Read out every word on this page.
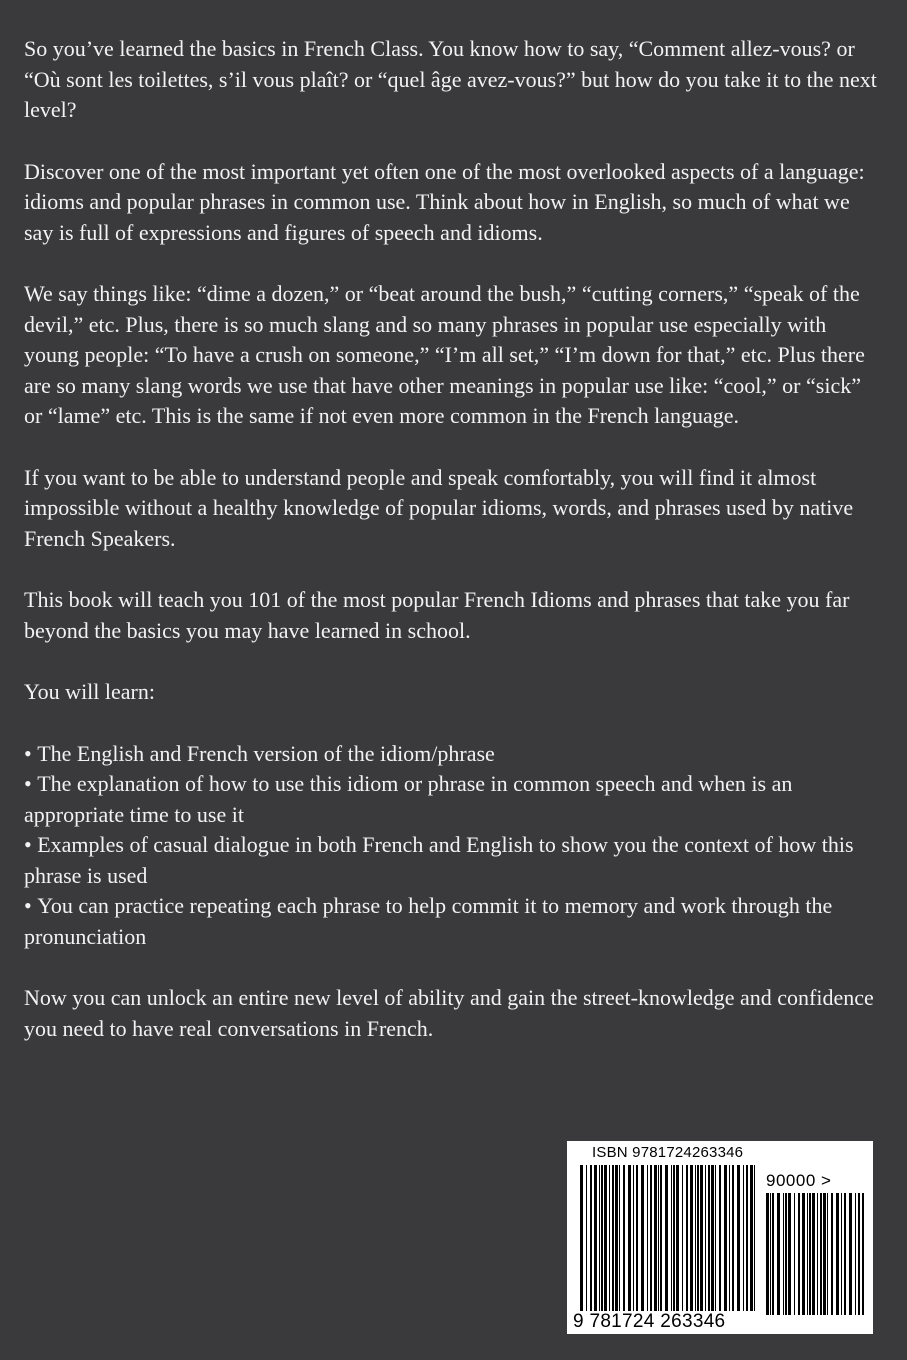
So you’ve learned the basics in French Class. You know how to say, “Comment allez-vous? or “Où sont les toilettes, s’il vous plaît? or “quel âge avez-vous?” but how do you take it to the next level?

Discover one of the most important yet often one of the most overlooked aspects of a language: idioms and popular phrases in common use. Think about how in English, so much of what we say is full of expressions and figures of speech and idioms.

We say things like: “dime a dozen,” or “beat around the bush,” “cutting corners,” “speak of the devil,” etc. Plus, there is so much slang and so many phrases in popular use especially with young people: “To have a crush on someone,” “I’m all set,” “I’m down for that,” etc. Plus there are so many slang words we use that have other meanings in popular use like: “cool,” or “sick” or “lame” etc. This is the same if not even more common in the French language.

If you want to be able to understand people and speak comfortably, you will find it almost impossible without a healthy knowledge of popular idioms, words, and phrases used by native French Speakers.

This book will teach you 101 of the most popular French Idioms and phrases that take you far beyond the basics you may have learned in school.

You will learn:

• The English and French version of the idiom/phrase
• The explanation of how to use this idiom or phrase in common speech and when is an appropriate time to use it
• Examples of casual dialogue in both French and English to show you the context of how this phrase is used
• You can practice repeating each phrase to help commit it to memory and work through the pronunciation

Now you can unlock an entire new level of ability and gain the street-knowledge and confidence you need to have real conversations in French.

ISBN 9781724263346
90000 >
9 781724 263346
